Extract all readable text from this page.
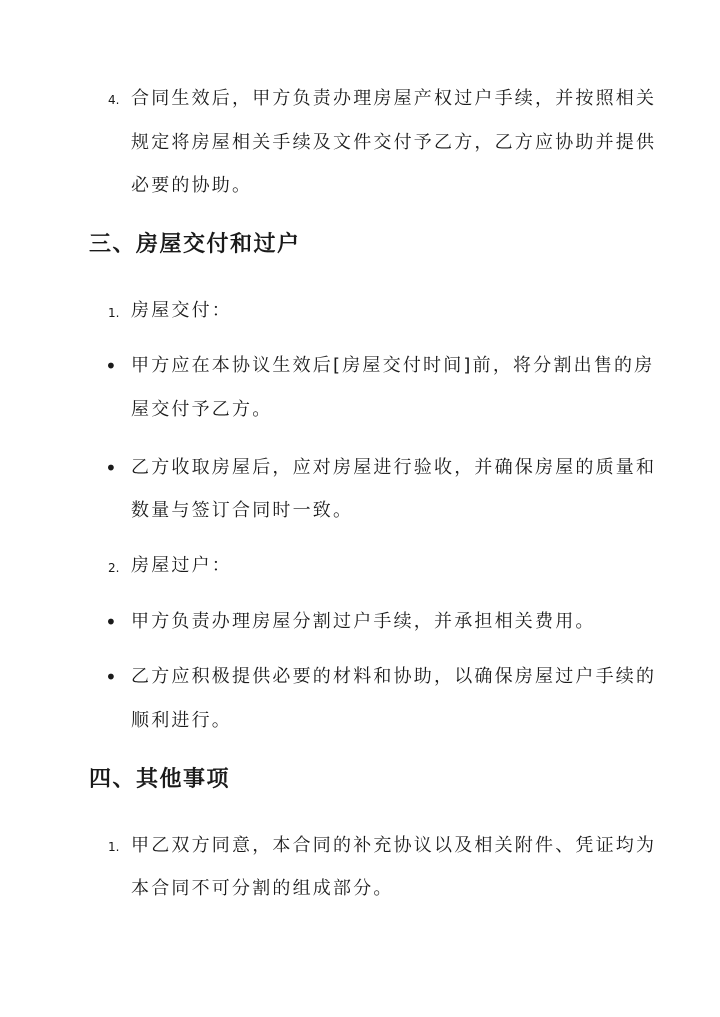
4. 合同生效后，甲方负责办理房屋产权过户手续，并按照相关
规定将房屋相关手续及文件交付予乙方，乙方应协助并提供
必要的协助。
三、房屋交付和过户
1. 房屋交付：
• 甲方应在本协议生效后[房屋交付时间]前，将分割出售的房
屋交付予乙方。
• 乙方收取房屋后，应对房屋进行验收，并确保房屋的质量和
数量与签订合同时一致。
2. 房屋过户：
• 甲方负责办理房屋分割过户手续，并承担相关费用。
• 乙方应积极提供必要的材料和协助，以确保房屋过户手续的
顺利进行。
四、其他事项
1. 甲乙双方同意，本合同的补充协议以及相关附件、凭证均为
本合同不可分割的组成部分。
